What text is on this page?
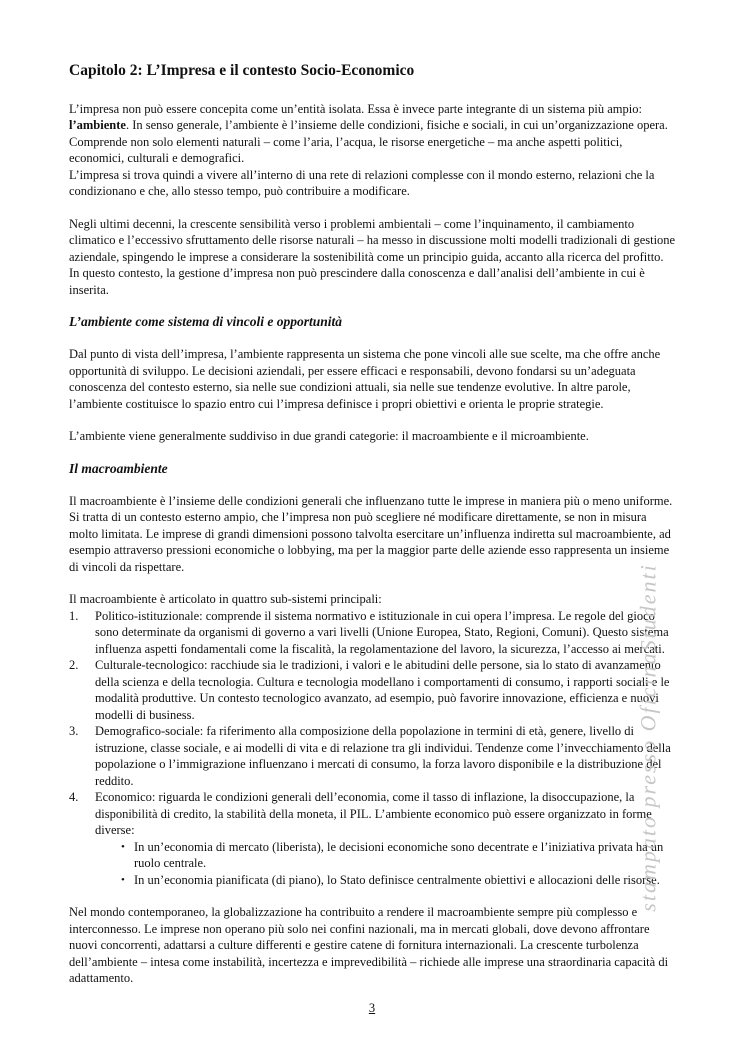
stampato presso OficinaStudenti
Capitolo 2: L’Impresa e il contesto Socio-Economico
L’impresa non può essere concepita come un’entità isolata. Essa è invece parte integrante di un sistema più ampio: l’ambiente. In senso generale, l’ambiente è l’insieme delle condizioni, fisiche e sociali, in cui un’organizzazione opera. Comprende non solo elementi naturali – come l’aria, l’acqua, le risorse energetiche – ma anche aspetti politici, economici, culturali e demografici.
L’impresa si trova quindi a vivere all’interno di una rete di relazioni complesse con il mondo esterno, relazioni che la condizionano e che, allo stesso tempo, può contribuire a modificare.
Negli ultimi decenni, la crescente sensibilità verso i problemi ambientali – come l’inquinamento, il cambiamento climatico e l’eccessivo sfruttamento delle risorse naturali – ha messo in discussione molti modelli tradizionali di gestione aziendale, spingendo le imprese a considerare la sostenibilità come un principio guida, accanto alla ricerca del profitto. In questo contesto, la gestione d’impresa non può prescindere dalla conoscenza e dall’analisi dell’ambiente in cui è inserita.
L’ambiente come sistema di vincoli e opportunità
Dal punto di vista dell’impresa, l’ambiente rappresenta un sistema che pone vincoli alle sue scelte, ma che offre anche opportunità di sviluppo. Le decisioni aziendali, per essere efficaci e responsabili, devono fondarsi su un’adeguata conoscenza del contesto esterno, sia nelle sue condizioni attuali, sia nelle sue tendenze evolutive. In altre parole, l’ambiente costituisce lo spazio entro cui l’impresa definisce i propri obiettivi e orienta le proprie strategie.
L’ambiente viene generalmente suddiviso in due grandi categorie: il macroambiente e il microambiente.
Il macroambiente
Il macroambiente è l’insieme delle condizioni generali che influenzano tutte le imprese in maniera più o meno uniforme. Si tratta di un contesto esterno ampio, che l’impresa non può scegliere né modificare direttamente, se non in misura molto limitata. Le imprese di grandi dimensioni possono talvolta esercitare un’influenza indiretta sul macroambiente, ad esempio attraverso pressioni economiche o lobbying, ma per la maggior parte delle aziende esso rappresenta un insieme di vincoli da rispettare.
Il macroambiente è articolato in quattro sub-sistemi principali:
1.	Politico-istituzionale: comprende il sistema normativo e istituzionale in cui opera l’impresa. Le regole del gioco sono determinate da organismi di governo a vari livelli (Unione Europea, Stato, Regioni, Comuni). Questo sistema influenza aspetti fondamentali come la fiscalità, la regolamentazione del lavoro, la sicurezza, l’accesso ai mercati.
2.	Culturale-tecnologico: racchiude sia le tradizioni, i valori e le abitudini delle persone, sia lo stato di avanzamento della scienza e della tecnologia. Cultura e tecnologia modellano i comportamenti di consumo, i rapporti sociali e le modalità produttive. Un contesto tecnologico avanzato, ad esempio, può favorire innovazione, efficienza e nuovi modelli di business.
3.	Demografico-sociale: fa riferimento alla composizione della popolazione in termini di età, genere, livello di istruzione, classe sociale, e ai modelli di vita e di relazione tra gli individui. Tendenze come l’invecchiamento della popolazione o l’immigrazione influenzano i mercati di consumo, la forza lavoro disponibile e la distribuzione del reddito.
4.	Economico: riguarda le condizioni generali dell’economia, come il tasso di inflazione, la disoccupazione, la disponibilità di credito, la stabilità della moneta, il PIL. L’ambiente economico può essere organizzato in forme diverse:
• In un’economia di mercato (liberista), le decisioni economiche sono decentrate e l’iniziativa privata ha un ruolo centrale.
• In un’economia pianificata (di piano), lo Stato definisce centralmente obiettivi e allocazioni delle risorse.
Nel mondo contemporaneo, la globalizzazione ha contribuito a rendere il macroambiente sempre più complesso e interconnesso. Le imprese non operano più solo nei confini nazionali, ma in mercati globali, dove devono affrontare nuovi concorrenti, adattarsi a culture differenti e gestire catene di fornitura internazionali. La crescente turbolenza dell’ambiente – intesa come instabilità, incertezza e imprevedibilità – richiede alle imprese una straordinaria capacità di adattamento.
3
